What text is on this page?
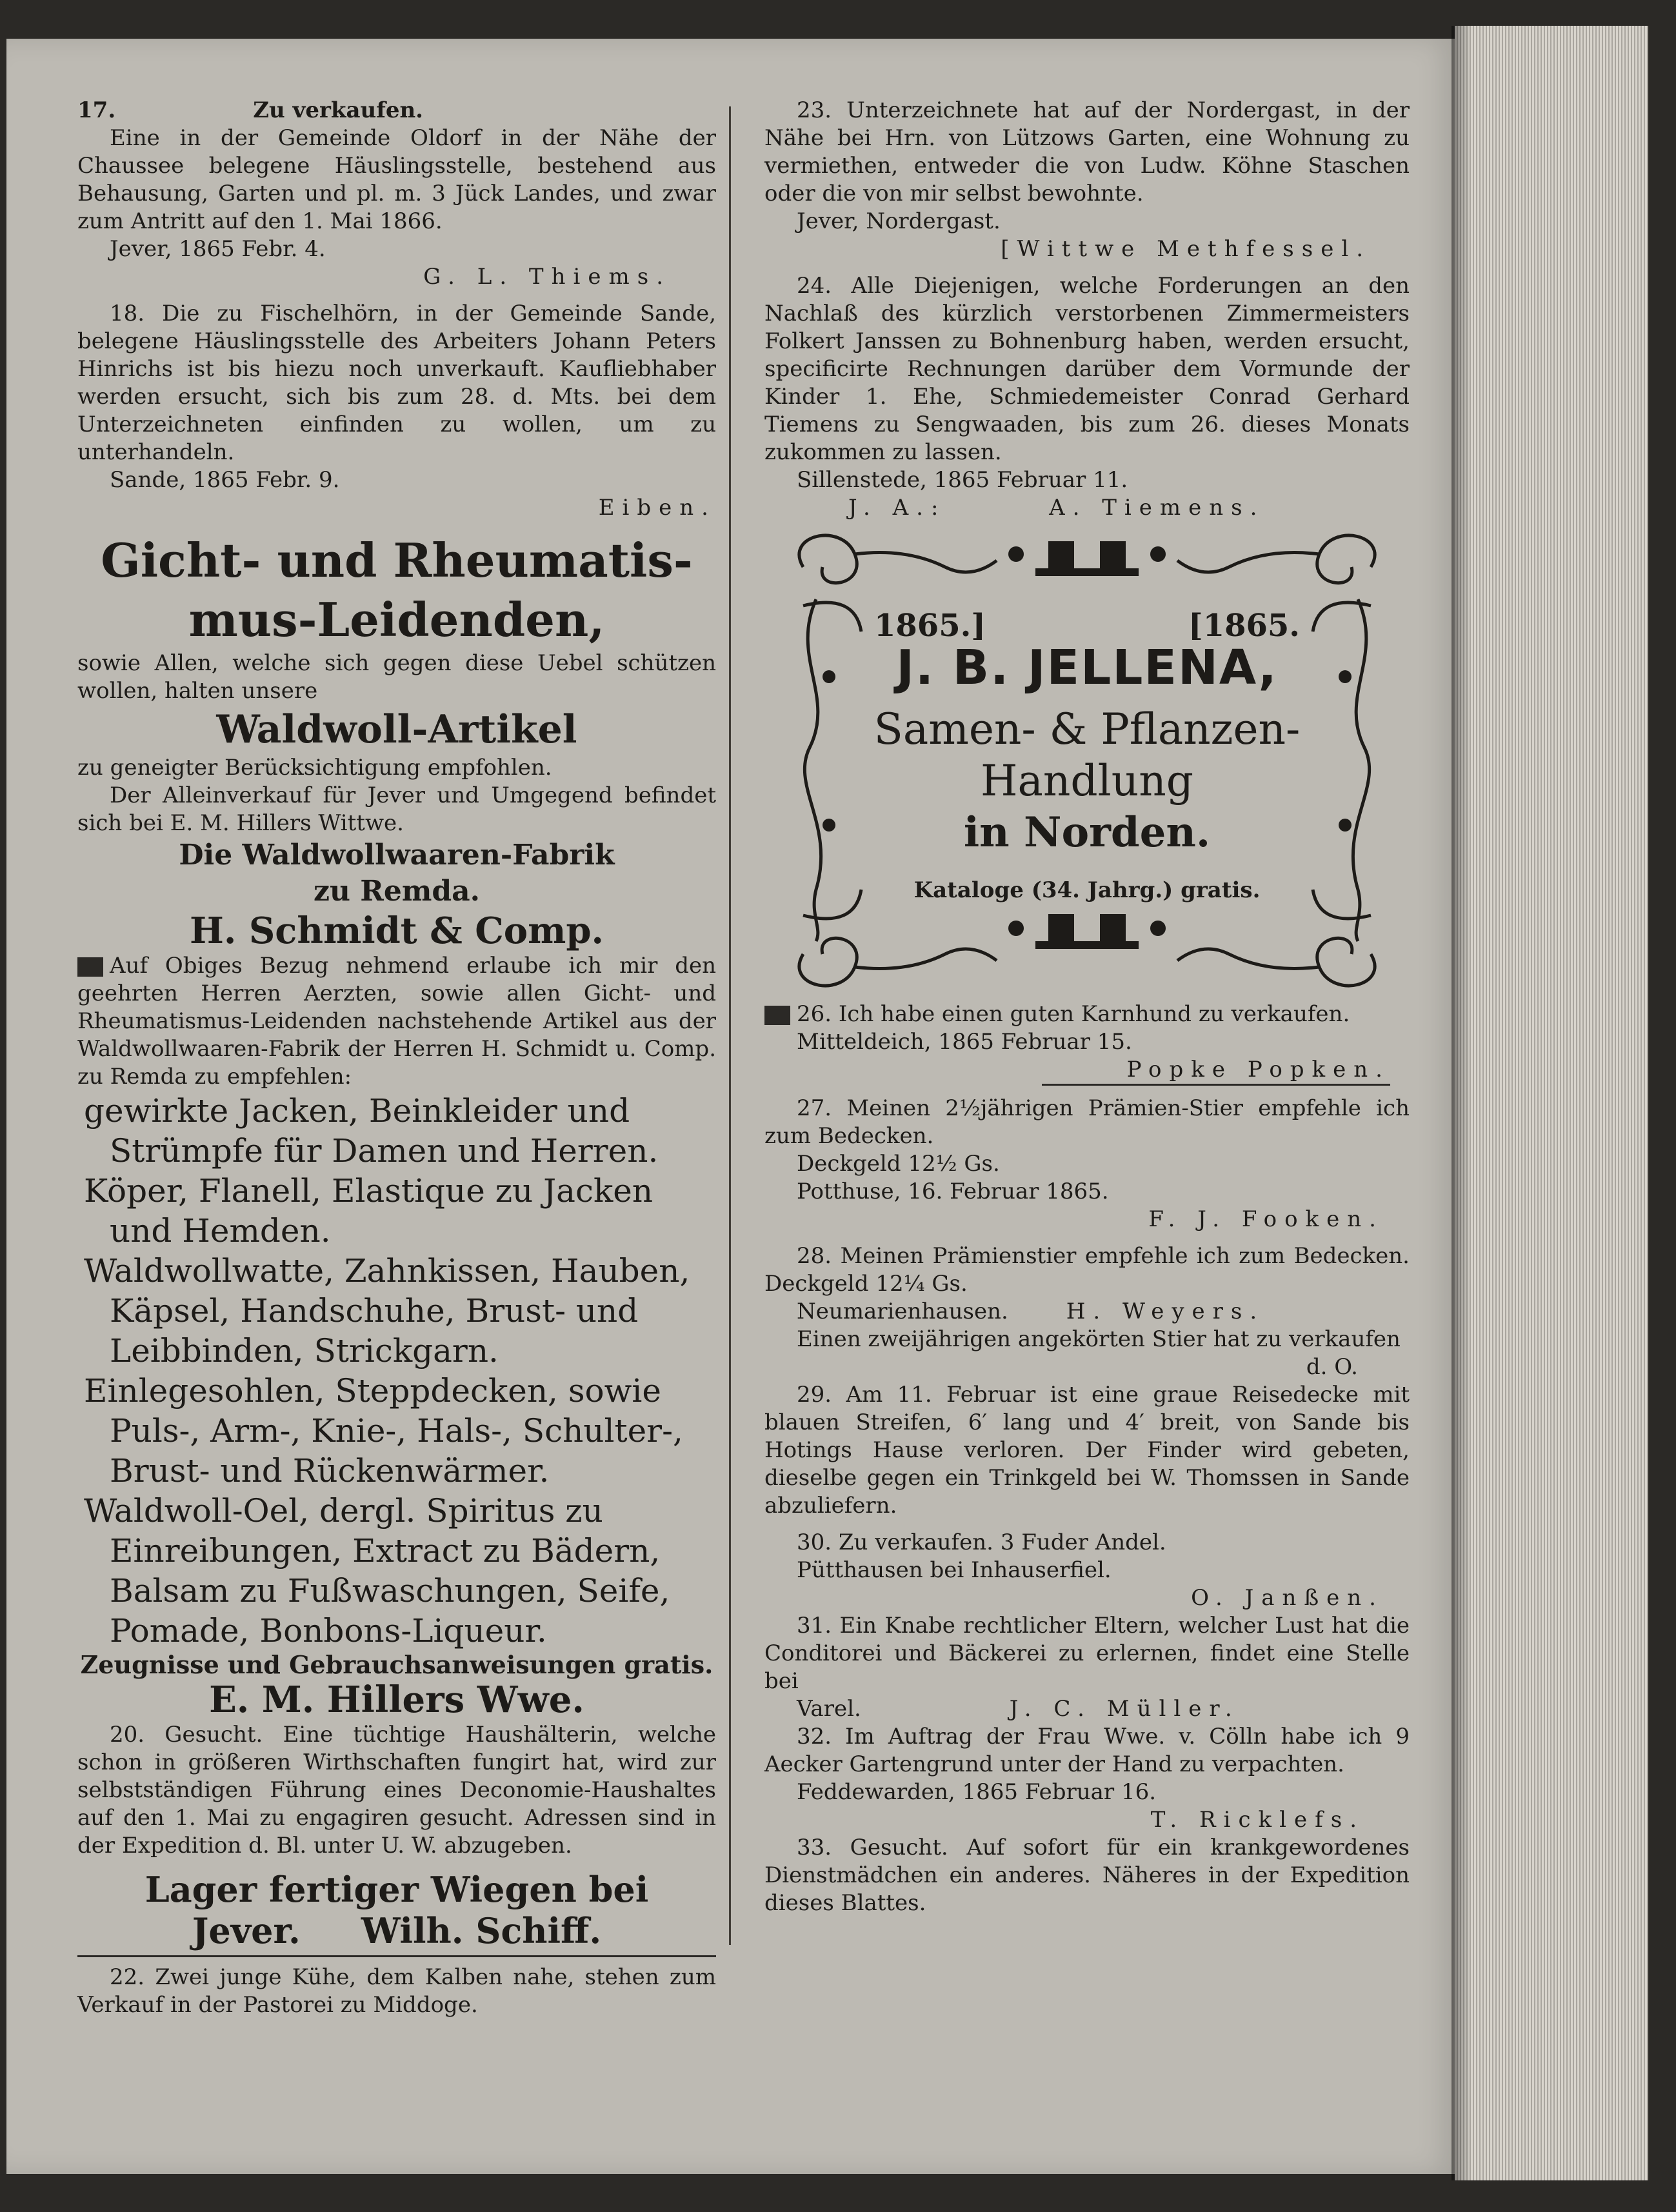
17.                  Zu verkaufen.

Eine in der Gemeinde Oldorf in der Nähe der Chaussee belegene Häuslingsstelle, bestehend aus Behausung, Garten und pl. m. 3 Jück Landes, und zwar zum Antritt auf den 1. Mai 1866.

Jever, 1865 Febr. 4.

G. L. Thiems.

18. Die zu Fischelhörn, in der Gemeinde Sande, belegene Häuslingsstelle des Arbeiters Johann Peters Hinrichs ist bis hiezu noch unverkauft. Kaufliebhaber werden ersucht, sich bis zum 28. d. Mts. bei dem Unterzeichneten einfinden zu wollen, um zu unterhandeln.

Sande, 1865 Febr. 9.

Eiben.

Gicht- und Rheumatis-

mus-Leidenden,

sowie Allen, welche sich gegen diese Uebel schützen wollen, halten unsere

Waldwoll-Artikel

zu geneigter Berücksichtigung empfohlen.

Der Alleinverkauf für Jever und Umgegend befindet sich bei E. M. Hillers Wittwe.

Die Waldwollwaaren-Fabrik

zu Remda.

H. Schmidt & Comp.

Auf Obiges Bezug nehmend erlaube ich mir den geehrten Herren Aerzten, sowie allen Gicht- und Rheumatismus-Leidenden nachstehende Artikel aus der Waldwollwaaren-Fabrik der Herren H. Schmidt u. Comp. zu Remda zu empfehlen:

gewirkte Jacken, Beinkleider und Strümpfe für Damen und Herren.

Köper, Flanell, Elastique zu Jacken und Hemden.

Waldwollwatte, Zahnkissen, Hauben, Käpsel, Handschuhe, Brust- und Leibbinden, Strickgarn.

Einlegesohlen, Steppdecken, sowie Puls-, Arm-, Knie-, Hals-, Schulter-, Brust- und Rückenwärmer.

Waldwoll-Oel, dergl. Spiritus zu Einreibungen, Extract zu Bädern, Balsam zu Fußwaschungen, Seife, Pomade, Bonbons-Liqueur.

Zeugnisse und Gebrauchsanweisungen gratis.

E. M. Hillers Wwe.

20. Gesucht. Eine tüchtige Haushälterin, welche schon in größeren Wirthschaften fungirt hat, wird zur selbstständigen Führung eines Deconomie-Haushaltes auf den 1. Mai zu engagiren gesucht. Adressen sind in der Expedition d. Bl. unter U. W. abzugeben.

Lager fertiger Wiegen bei

Jever.     Wilh. Schiff.

22. Zwei junge Kühe, dem Kalben nahe, stehen zum Verkauf in der Pastorei zu Middoge.

23. Unterzeichnete hat auf der Nordergast, in der Nähe bei Hrn. von Lützows Garten, eine Wohnung zu vermiethen, entweder die von Ludw. Köhne Staschen oder die von mir selbst bewohnte.

Jever, Nordergast.

[Wittwe Methfessel.

24. Alle Diejenigen, welche Forderungen an den Nachlaß des kürzlich verstorbenen Zimmermeisters Folkert Janssen zu Bohnenburg haben, werden ersucht, specificirte Rechnungen darüber dem Vormunde der Kinder 1. Ehe, Schmiedemeister Conrad Gerhard Tiemens zu Sengwaaden, bis zum 26. dieses Monats zukommen zu lassen.

Sillenstede, 1865 Februar 11.

J. A.:       A. Tiemens.

1865.]	[1865.
J. B. JELLENA,
Samen- & Pflanzen-
Handlung
in Norden.
Kataloge (34. Jahrg.) gratis.

26. Ich habe einen guten Karnhund zu verkaufen.

Mitteldeich, 1865 Februar 15.

Popke Popken.

27. Meinen 2½jährigen Prämien-Stier empfehle ich zum Bedecken.

Deckgeld 12½ Gs.

Potthuse, 16. Februar 1865.

F. J. Fooken.

28. Meinen Prämienstier empfehle ich zum Bedecken. Deckgeld 12¼ Gs.

Neumarienhausen.	H. Weyers.

Einen zweijährigen angekörten Stier hat zu verkaufen

d. O.

29. Am 11. Februar ist eine graue Reisedecke mit blauen Streifen, 6′ lang und 4′ breit, von Sande bis Hotings Hause verloren. Der Finder wird gebeten, dieselbe gegen ein Trinkgeld bei W. Thomssen in Sande abzuliefern.

30. Zu verkaufen. 3 Fuder Andel.

Pütthausen bei Inhauserfiel.

O. Janßen.

31. Ein Knabe rechtlicher Eltern, welcher Lust hat die Conditorei und Bäckerei zu erlernen, findet eine Stelle bei

Varel.	J. C. Müller.

32. Im Auftrag der Frau Wwe. v. Cölln habe ich 9 Aecker Gartengrund unter der Hand zu verpachten.

Feddewarden, 1865 Februar 16.

T. Ricklefs.

33. Gesucht. Auf sofort für ein krankgewordenes Dienstmädchen ein anderes. Näheres in der Expedition dieses Blattes.
